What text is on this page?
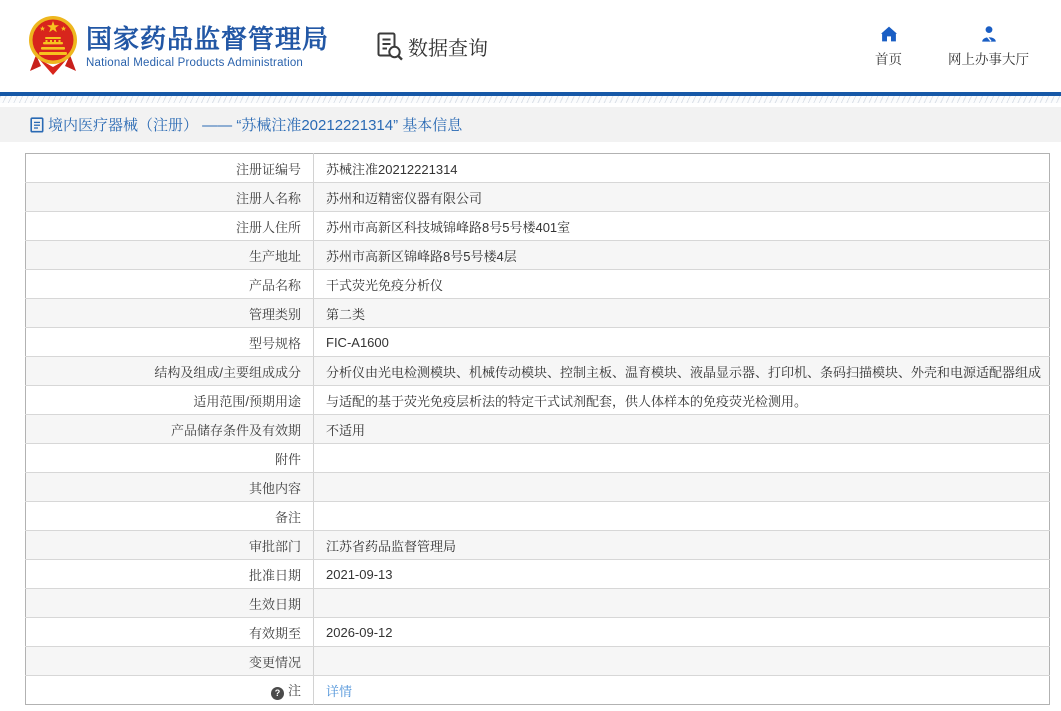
国家药品监督管理局
National Medical Products Administration
数据查询	首页	网上办事大厅
境内医疗器械（注册） —— “苏械注准20212221314” 基本信息
注册证编号	苏械注准20212221314
注册人名称	苏州和迈精密仪器有限公司
注册人住所	苏州市高新区科技城锦峰路8号5号楼401室
生产地址	苏州市高新区锦峰路8号5号楼4层
产品名称	干式荧光免疫分析仪
管理类别	第二类
型号规格	FIC-A1600
结构及组成/主要组成成分	分析仪由光电检测模块、机械传动模块、控制主板、温育模块、液晶显示器、打印机、条码扫描模块、外壳和电源适配器组成
适用范围/预期用途	与适配的基于荧光免疫层析法的特定干式试剂配套，供人体样本的免疫荧光检测用。
产品储存条件及有效期	不适用
附件	
其他内容	
备注	
审批部门	江苏省药品监督管理局
批准日期	2021-09-13
生效日期	
有效期至	2026-09-12
变更情况	
? 注	详情
